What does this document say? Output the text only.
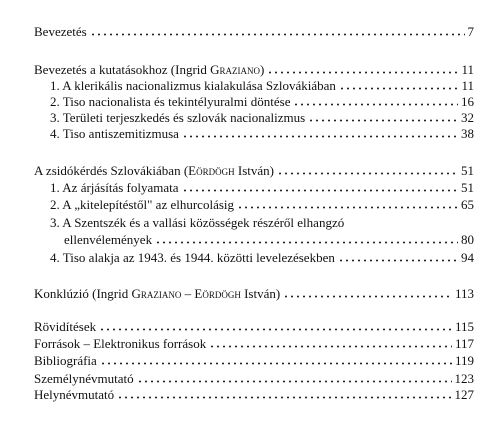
Bevezetés	7
Bevezetés a kutatásokhoz (Ingrid Graziano)	11
1. A klerikális nacionalizmus kialakulása Szlovákiában	11
2. Tiso nacionalista és tekintélyuralmi döntése	16
3. Területi terjeszkedés és szlovák nacionalizmus	32
4. Tiso antiszemitizmusa	38
A zsidókérdés Szlovákiában (Eördögh István)	51
1. Az árjásítás folyamata	51
2. A „kitelepítéstől" az elhurcolásig	65
3. A Szentszék és a vallási közösségek részéről elhangzó
ellenvélemények	80
4. Tiso alakja az 1943. és 1944. közötti levelezésekben	94
Konklúzió (Ingrid Graziano – Eördögh István)	113
Rövidítések	115
Források – Elektronikus források	117
Bibliográfia	119
Személynévmutató	123
Helynévmutató	127
